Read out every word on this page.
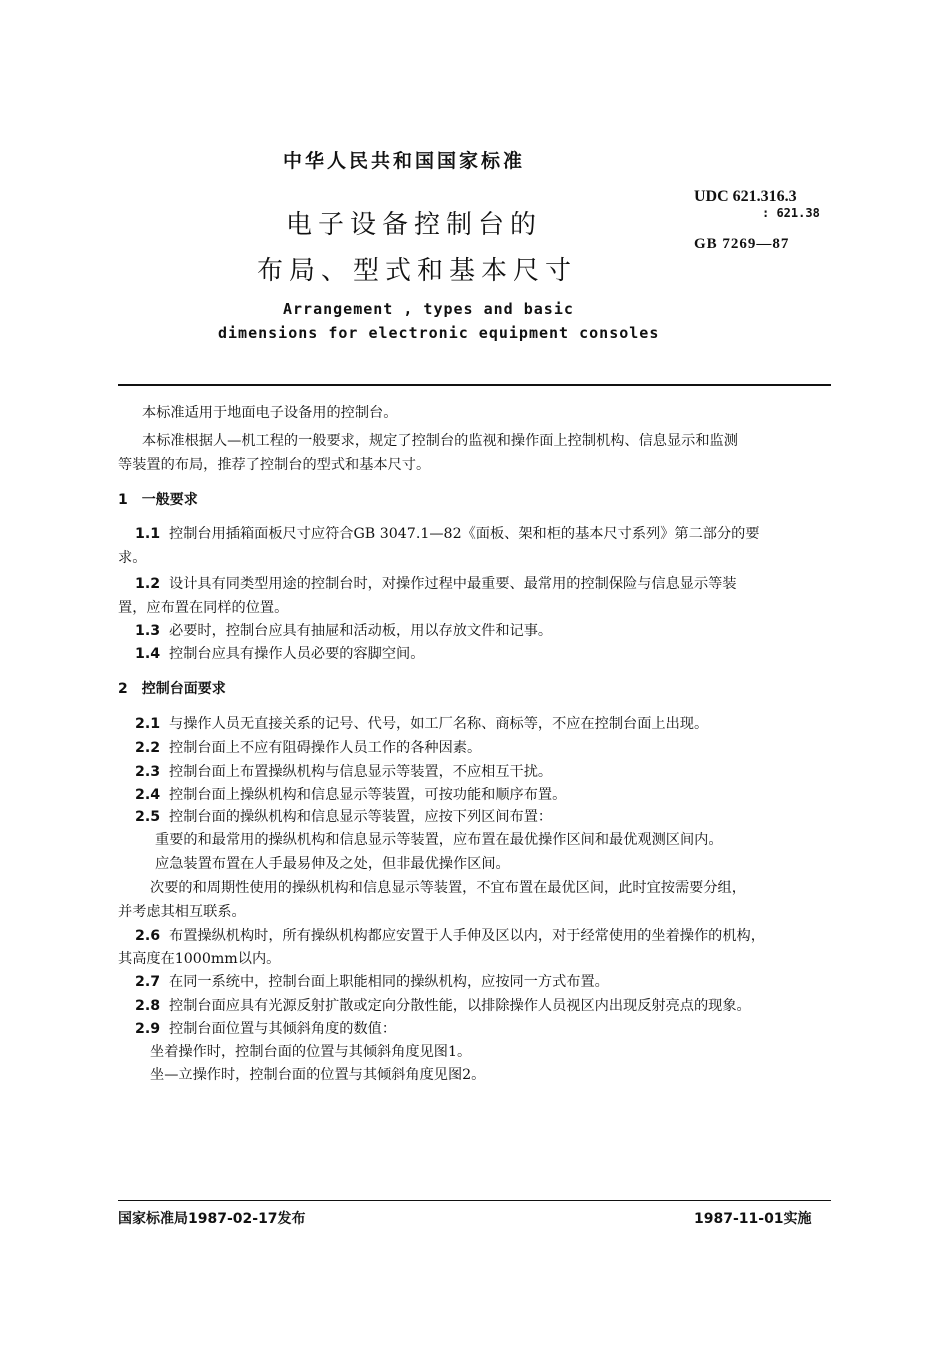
中华人民共和国国家标准
电子设备控制台的
布局、型式和基本尺寸
UDC 621.316.3
: 621.38
GB 7269—87
Arrangement , types and basic
dimensions for electronic equipment consoles
本标准适用于地面电子设备用的控制台。
本标准根据人—机工程的一般要求，规定了控制台的监视和操作面上控制机构、信息显示和监测
等装置的布局，推荐了控制台的型式和基本尺寸。
1　一般要求
1.1 控制台用插箱面板尺寸应符合GB 3047.1—82《面板、架和柜的基本尺寸系列》第二部分的要
求。
1.2 设计具有同类型用途的控制台时，对操作过程中最重要、最常用的控制保险与信息显示等装
置，应布置在同样的位置。
1.3 必要时，控制台应具有抽屉和活动板，用以存放文件和记事。
1.4 控制台应具有操作人员必要的容脚空间。
2　控制台面要求
2.1 与操作人员无直接关系的记号、代号，如工厂名称、商标等，不应在控制台面上出现。
2.2 控制台面上不应有阻碍操作人员工作的各种因素。
2.3 控制台面上布置操纵机构与信息显示等装置，不应相互干扰。
2.4 控制台面上操纵机构和信息显示等装置，可按功能和顺序布置。
2.5 控制台面的操纵机构和信息显示等装置，应按下列区间布置：
重要的和最常用的操纵机构和信息显示等装置，应布置在最优操作区间和最优观测区间内。
应急装置布置在人手最易伸及之处，但非最优操作区间。
次要的和周期性使用的操纵机构和信息显示等装置，不宜布置在最优区间，此时宜按需要分组，
并考虑其相互联系。
2.6 布置操纵机构时，所有操纵机构都应安置于人手伸及区以内，对于经常使用的坐着操作的机构，
其高度在1000mm以内。
2.7 在同一系统中，控制台面上职能相同的操纵机构，应按同一方式布置。
2.8 控制台面应具有光源反射扩散或定向分散性能，以排除操作人员视区内出现反射亮点的现象。
2.9 控制台面位置与其倾斜角度的数值：
坐着操作时，控制台面的位置与其倾斜角度见图1。
坐—立操作时，控制台面的位置与其倾斜角度见图2。
国家标准局1987-02-17发布	1987-11-01实施
